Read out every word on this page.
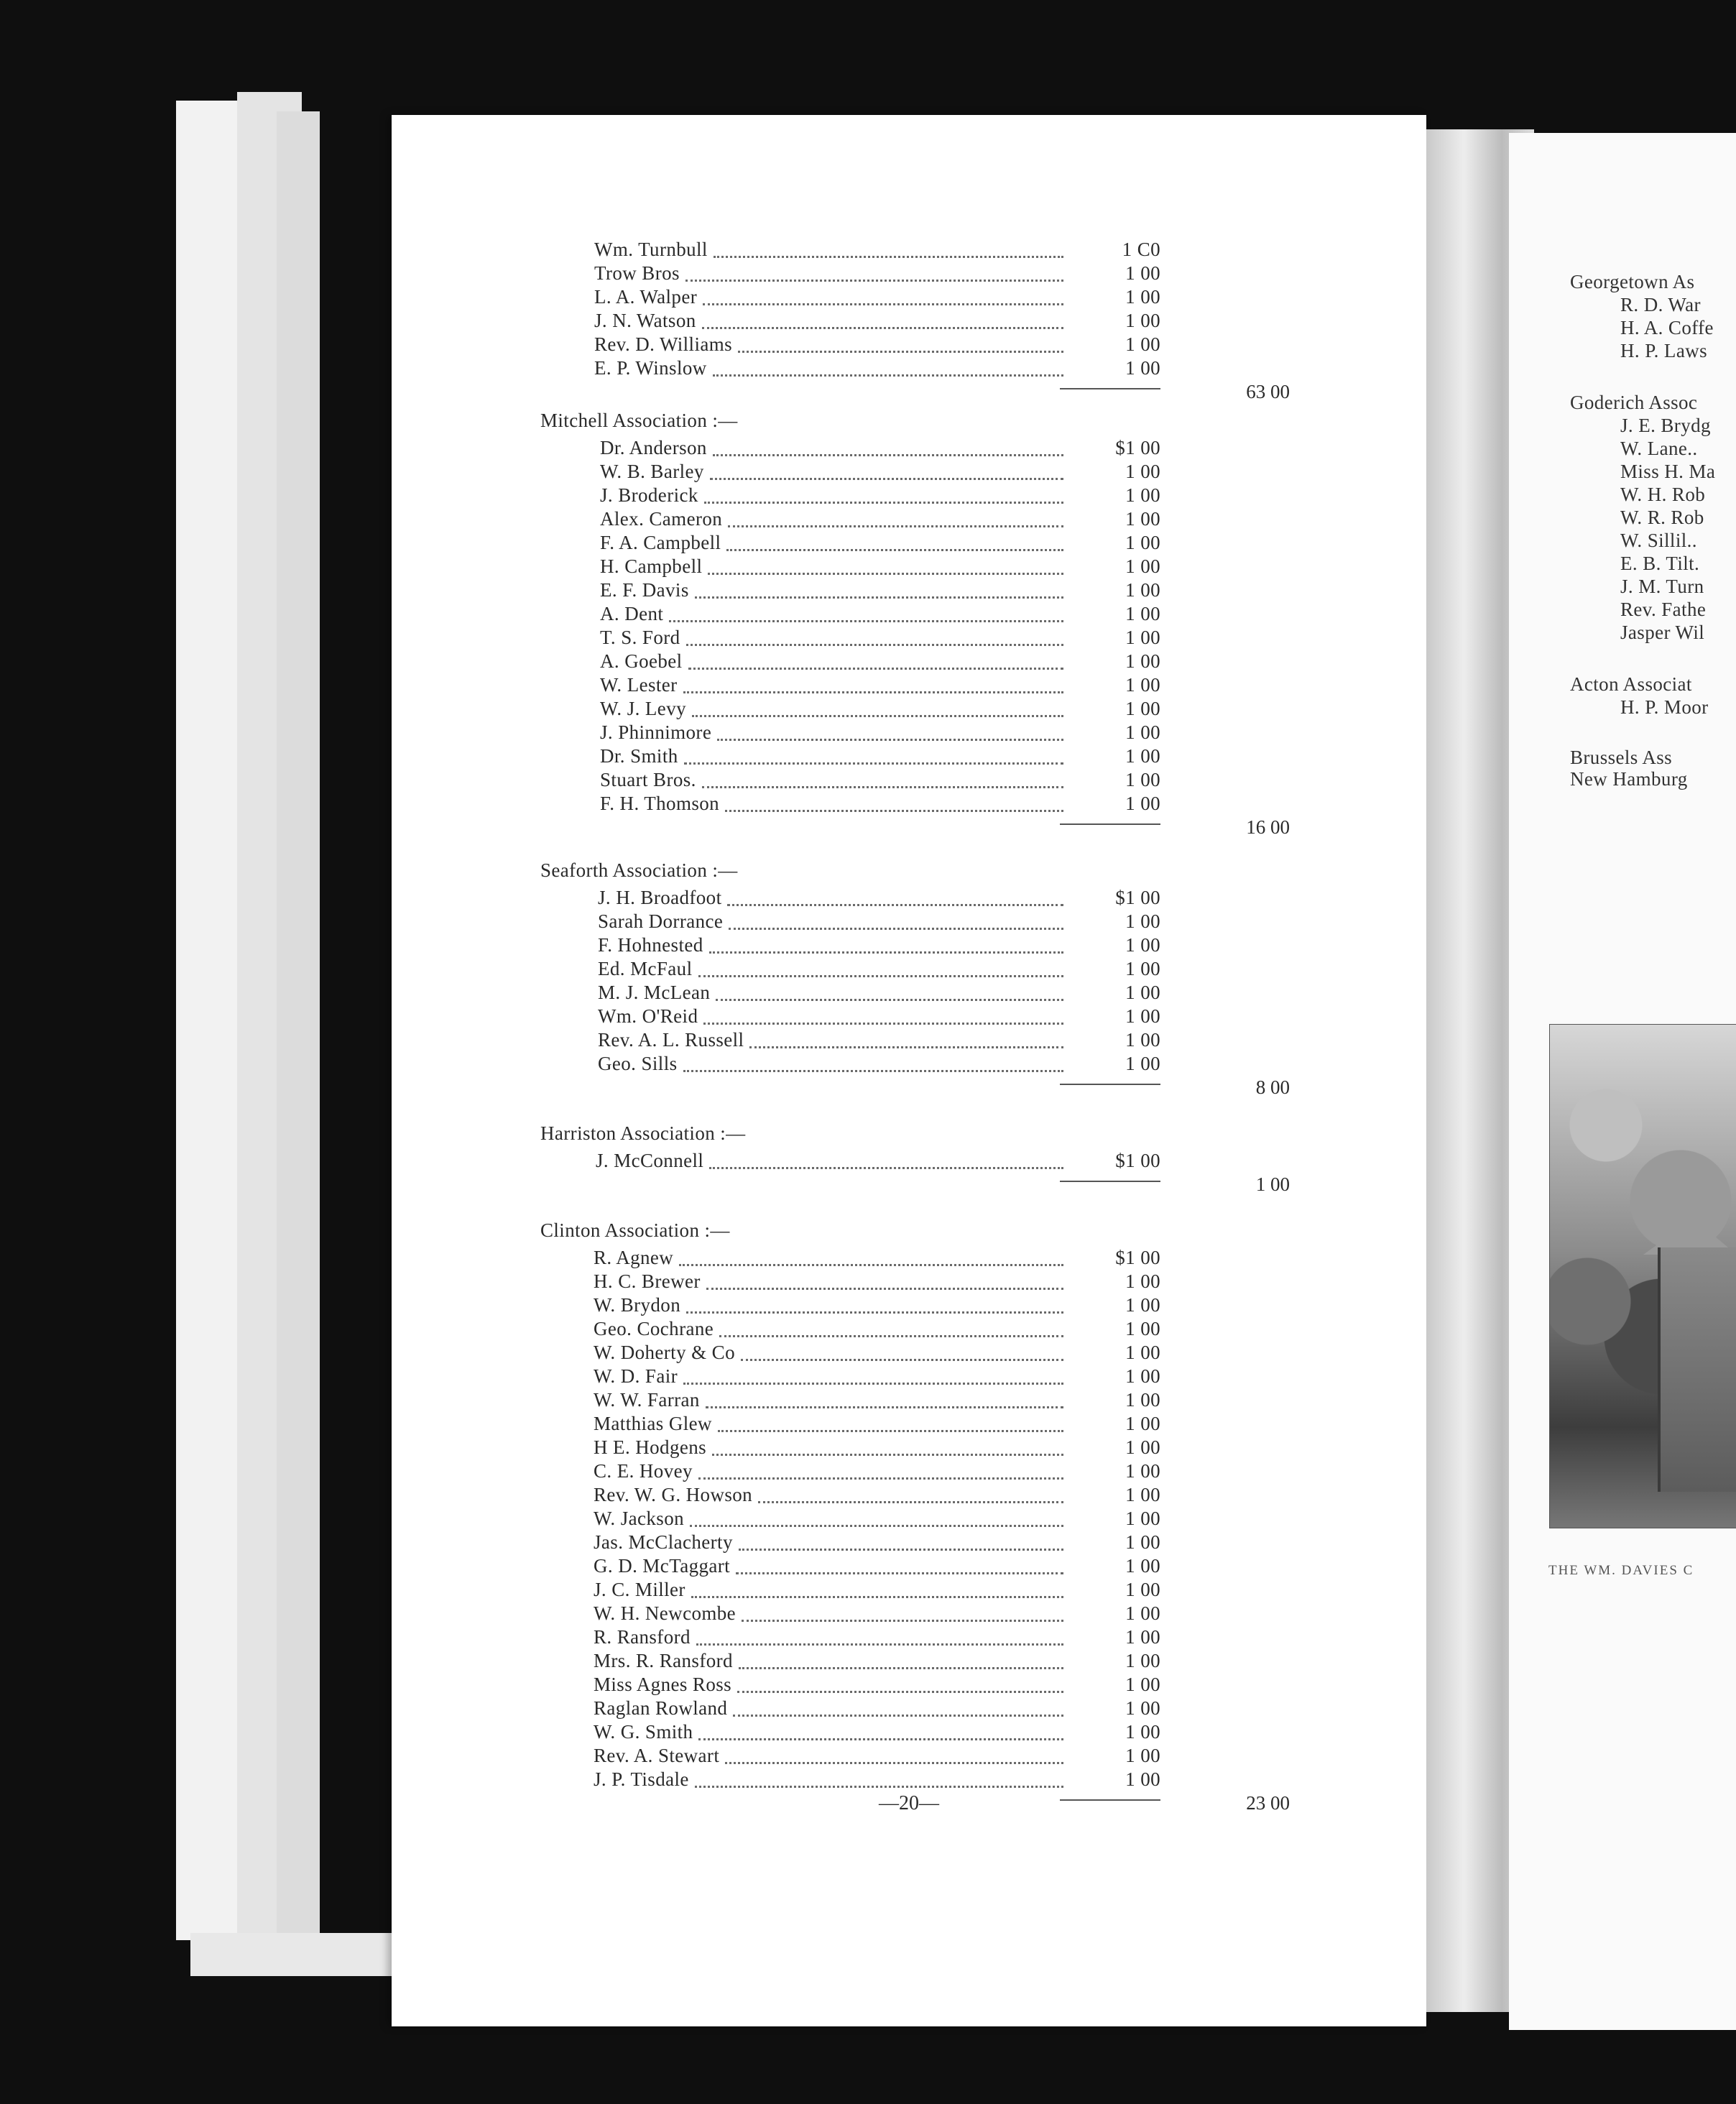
Wm. Turnbull	1 C0
Trow Bros	1 00
L. A. Walper	1 00
J. N. Watson	1 00
Rev. D. Williams	1 00
E. P. Winslow	1 00
63 00
Mitchell Association :—
Dr. Anderson	$1 00
W. B. Barley	1 00
J. Broderick	1 00
Alex. Cameron	1 00
F. A. Campbell	1 00
H. Campbell	1 00
E. F. Davis	1 00
A. Dent	1 00
T. S. Ford	1 00
A. Goebel	1 00
W. Lester	1 00
W. J. Levy	1 00
J. Phinnimore	1 00
Dr. Smith	1 00
Stuart Bros.	1 00
F. H. Thomson	1 00
16 00
Seaforth Association :—
J. H. Broadfoot	$1 00
Sarah Dorrance	1 00
F. Hohnested	1 00
Ed. McFaul	1 00
M. J. McLean	1 00
Wm. O'Reid	1 00
Rev. A. L. Russell	1 00
Geo. Sills	1 00
8 00
Harriston Association :—
J. McConnell	$1 00
1 00
Clinton Association :—
R. Agnew	$1 00
H. C. Brewer	1 00
W. Brydon	1 00
Geo. Cochrane	1 00
W. Doherty & Co	1 00
W. D. Fair	1 00
W. W. Farran	1 00
Matthias Glew	1 00
H E. Hodgens	1 00
C. E. Hovey	1 00
Rev. W. G. Howson	1 00
W. Jackson	1 00
Jas. McClacherty	1 00
G. D. McTaggart	1 00
J. C. Miller	1 00
W. H. Newcombe	1 00
R. Ransford	1 00
Mrs. R. Ransford	1 00
Miss Agnes Ross	1 00
Raglan Rowland	1 00
W. G. Smith	1 00
Rev. A. Stewart	1 00
J. P. Tisdale	1 00
23 00
—20—
Georgetown As
R. D. War
H. A. Coffe
H. P. Laws
Goderich Assoc
J. E. Brydg
W. Lane..
Miss H. Ma
W. H. Rob
W. R. Rob
W. Sillil..
E. B. Tilt.
J. M. Turn
Rev. Fathe
Jasper Wil
Acton Associat
H. P. Moor
Brussels Ass
New Hamburg
THE WM. DAVIES C
